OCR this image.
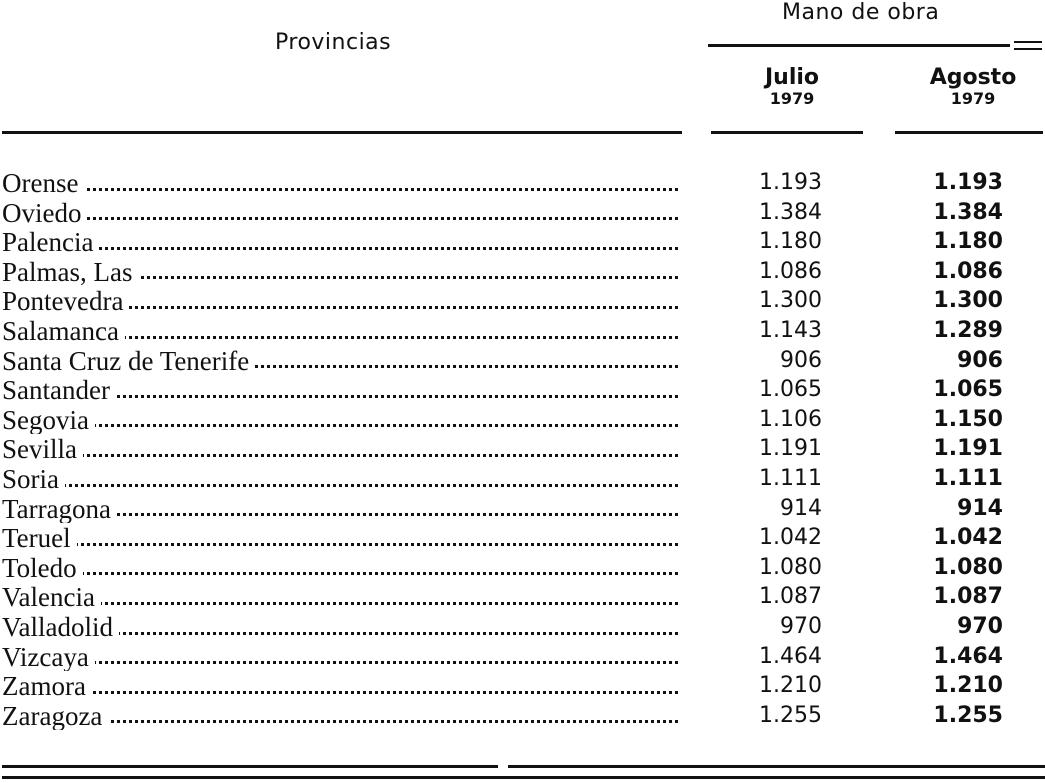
Provincias
Mano de obra
Julio
1979
Agosto
1979
Orense	1.193	1.193
Oviedo	1.384	1.384
Palencia	1.180	1.180
Palmas, Las	1.086	1.086
Pontevedra	1.300	1.300
Salamanca	1.143	1.289
Santa Cruz de Tenerife	906	906
Santander	1.065	1.065
Segovia	1.106	1.150
Sevilla	1.191	1.191
Soria	1.111	1.111
Tarragona	914	914
Teruel	1.042	1.042
Toledo	1.080	1.080
Valencia	1.087	1.087
Valladolid	970	970
Vizcaya	1.464	1.464
Zamora	1.210	1.210
Zaragoza	1.255	1.255
